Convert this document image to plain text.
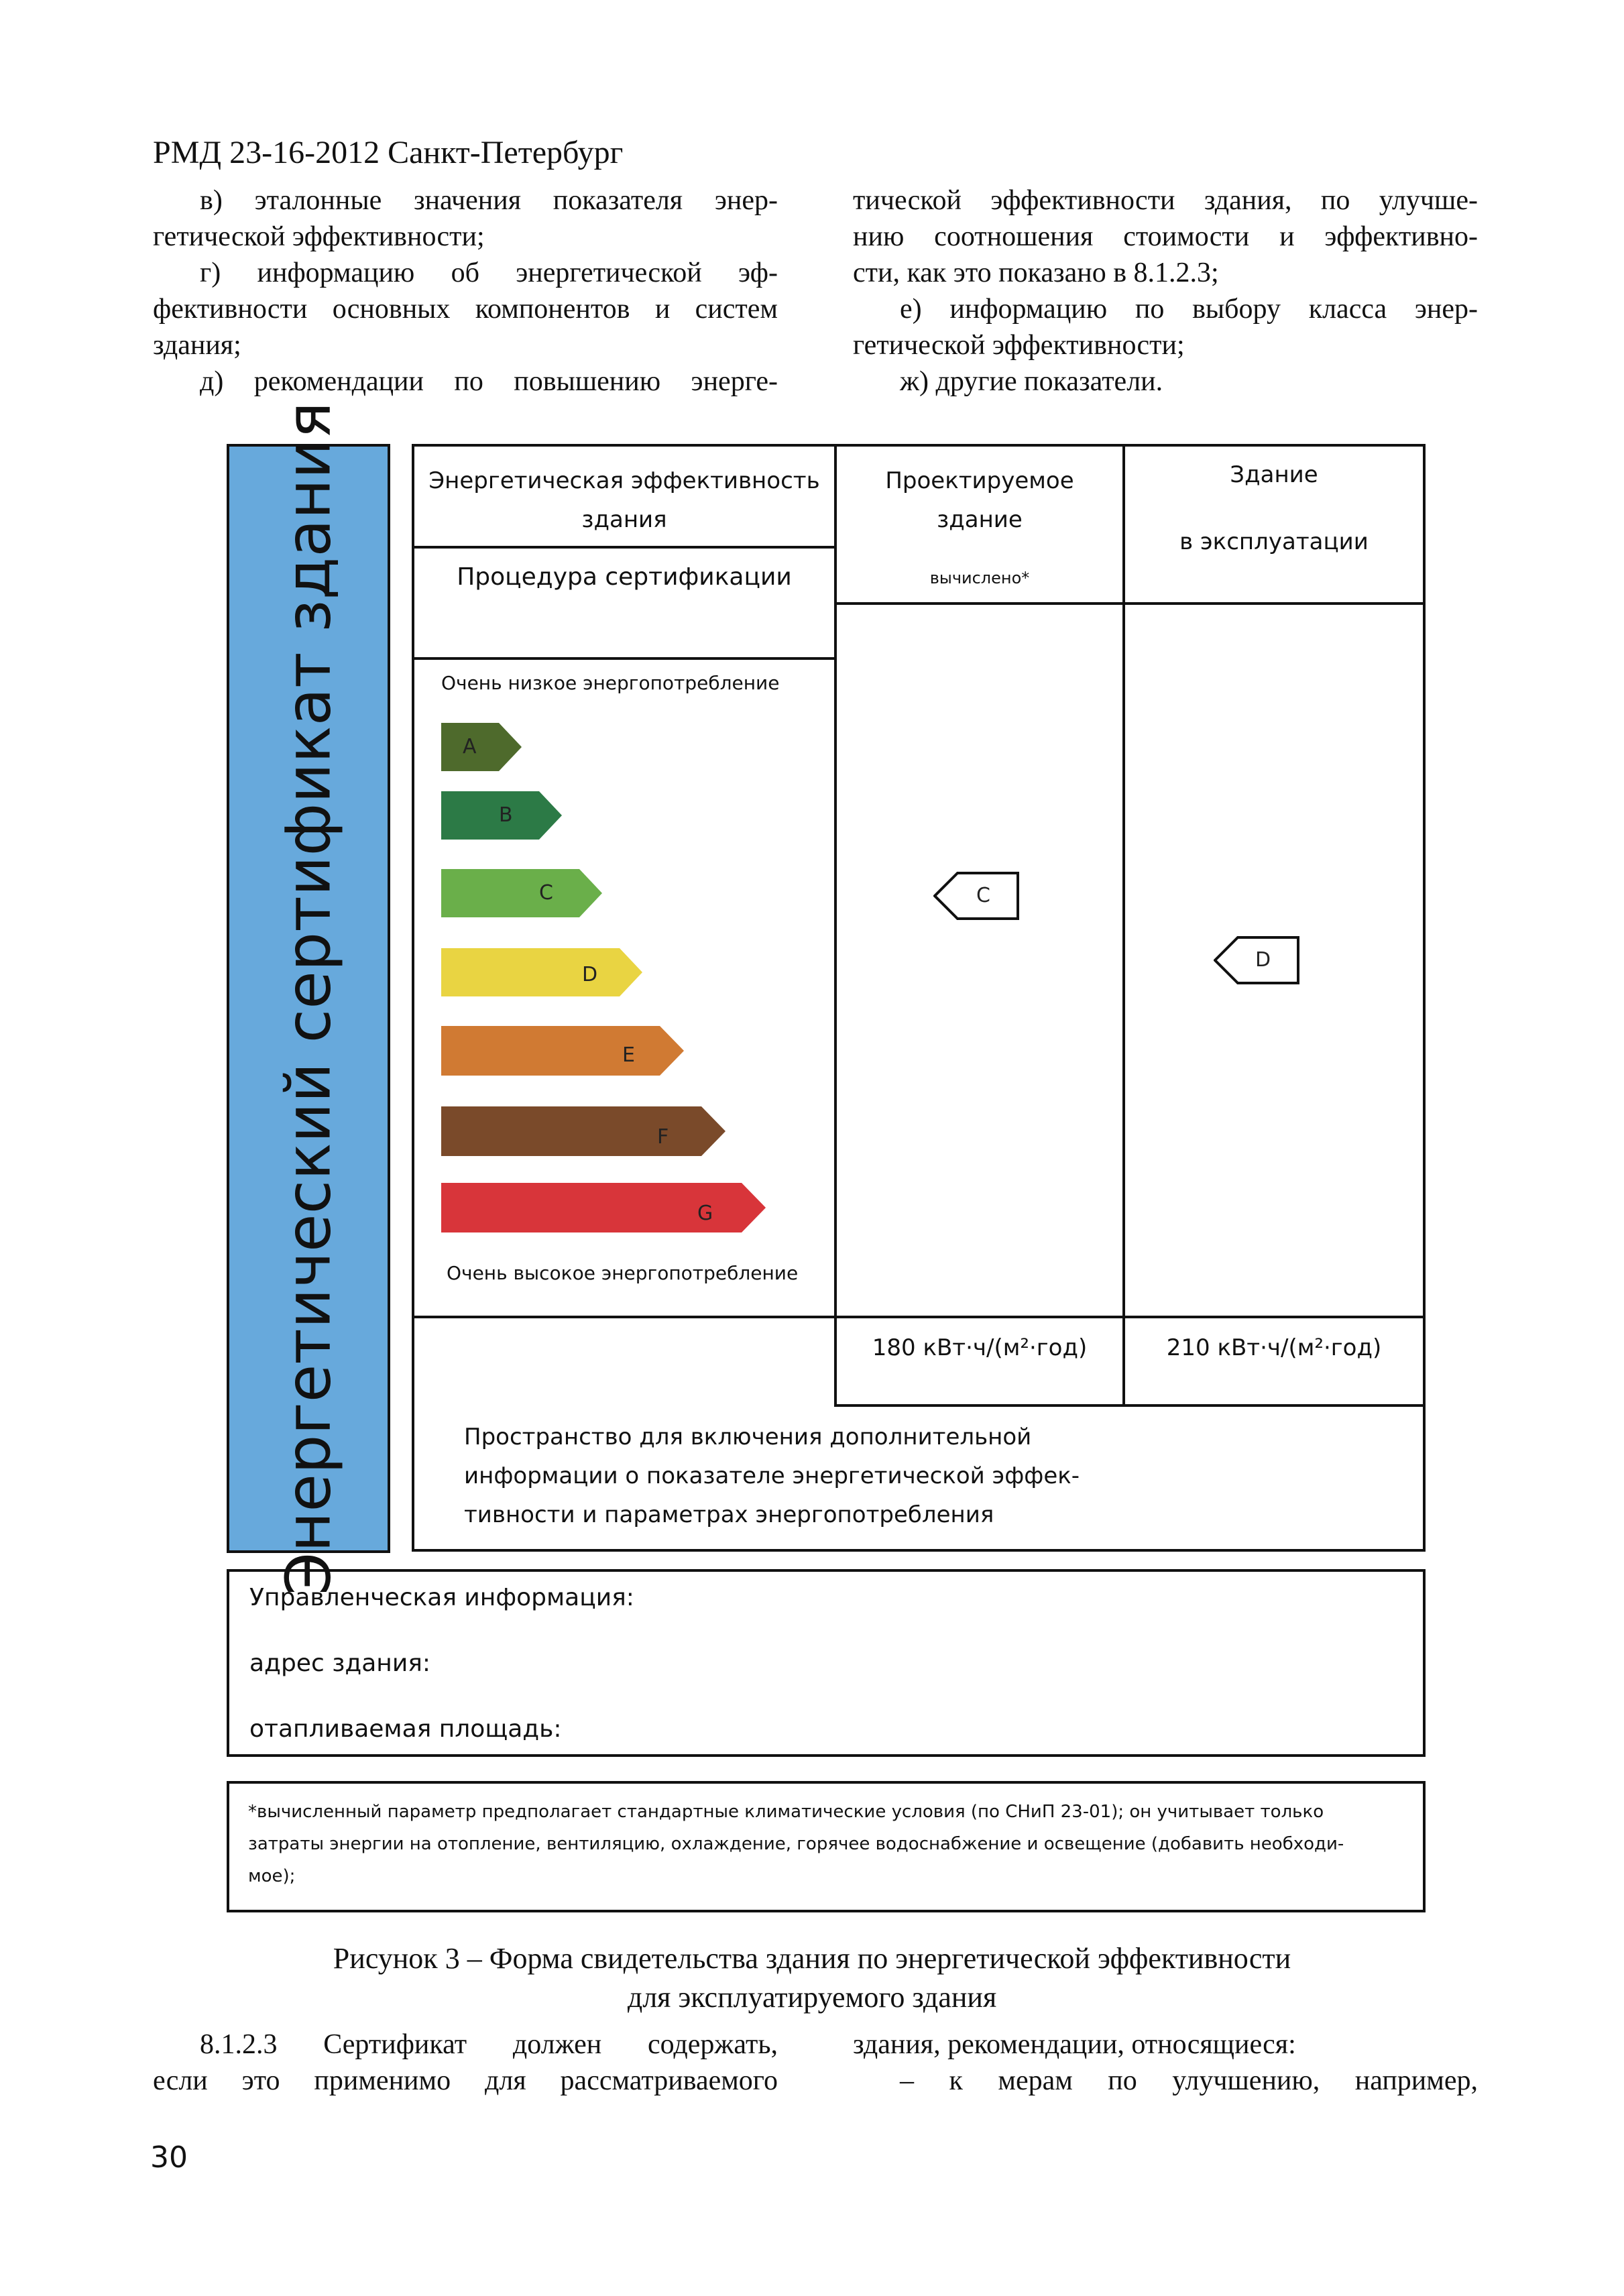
РМД 23-16-2012 Санкт-Петербург

в) эталонные значения показателя энер-

гетической эффективности;

г) информацию об энергетической эф-

фективности основных компонентов и систем

здания;

д) рекомендации по повышению энерге-

тической эффективности здания, по улучше-

нию соотношения стоимости и эффективно-

сти, как это показано в 8.1.2.3;

е) информацию по выбору класса энер-

гетической эффективности;

ж) другие показатели.

Энергетический сертификат здания	Энергетическая эффективность
здания
Процедура сертификации
Проектируемое
здание
вычислено*
Здание
в эксплуатации
Очень низкое энергопотребление
Очень высокое энергопотребление
A
B
C
D
E
F
G
C
D
180 кВт·ч/(м²·год)	210 кВт·ч/(м²·год)
Пространство для включения дополнительной
информации о показателе энергетической эффек-
тивности и параметрах энергопотребления
Управленческая информация:
адрес здания:
отапливаемая площадь:
*вычисленный параметр предполагает стандартные климатические условия (по СНиП 23-01); он учитывает только
затраты энергии на отопление, вентиляцию, охлаждение, горячее водоснабжение и освещение (добавить необходи-
мое);
Рисунок 3 – Форма свидетельства здания по энергетической эффективности
для эксплуатируемого здания

8.1.2.3 Сертификат должен содержать,

если это применимо для рассматриваемого

здания, рекомендации, относящиеся:

– к мерам по улучшению, например,

30
